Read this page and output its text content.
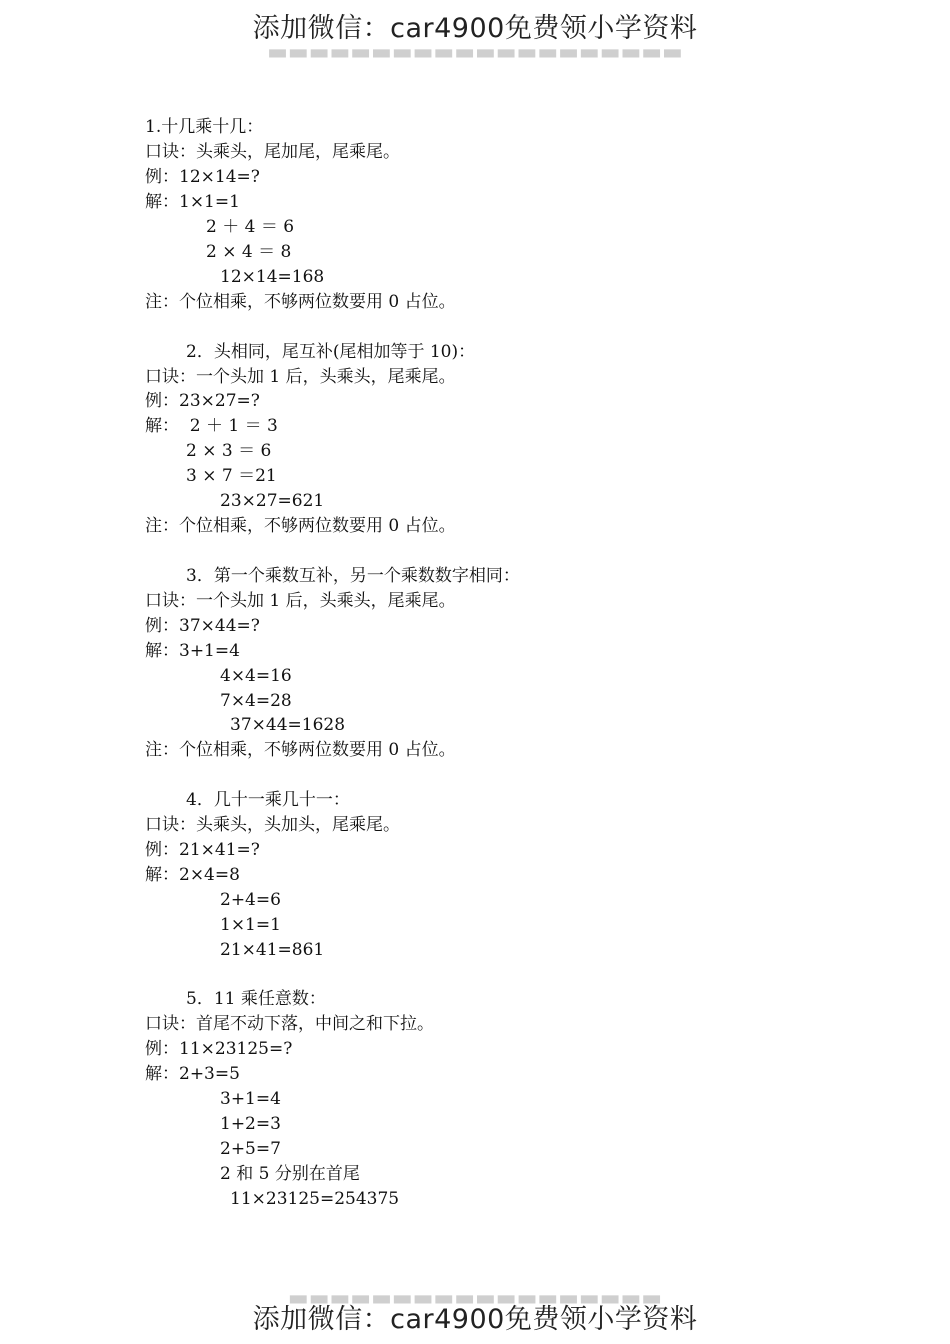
▬▬▬▬▬▬▬▬▬▬▬▬▬▬▬▬▬▬▬▬
添加微信：car4900免费领小学资料
1.十几乘十几：
口诀：头乘头，尾加尾，尾乘尾。
例：12×14=?
解：1×1=1
2 ＋ 4 ＝ 6
2 × 4 ＝ 8
12×14=168
注：个位相乘，不够两位数要用 0 占位。
2．头相同，尾互补(尾相加等于 10)：
口诀：一个头加 1 后，头乘头，尾乘尾。
例：23×27=?
解：  2 ＋ 1 ＝ 3
2 × 3 ＝ 6
3 × 7 ＝21
23×27=621
注：个位相乘，不够两位数要用 0 占位。
3．第一个乘数互补，另一个乘数数字相同：
口诀：一个头加 1 后，头乘头，尾乘尾。
例：37×44=?
解：3+1=4
4×4=16
7×4=28
37×44=1628
注：个位相乘，不够两位数要用 0 占位。
4．几十一乘几十一：
口诀：头乘头，头加头，尾乘尾。
例：21×41=?
解：2×4=8
2+4=6
1×1=1
21×41=861
5．11 乘任意数：
口诀：首尾不动下落，中间之和下拉。
例：11×23125=?
解：2+3=5
3+1=4
1+2=3
2+5=7
2 和 5 分别在首尾
11×23125=254375
▬▬▬▬▬▬▬▬▬▬▬▬▬▬▬▬▬▬
添加微信：car4900免费领小学资料
